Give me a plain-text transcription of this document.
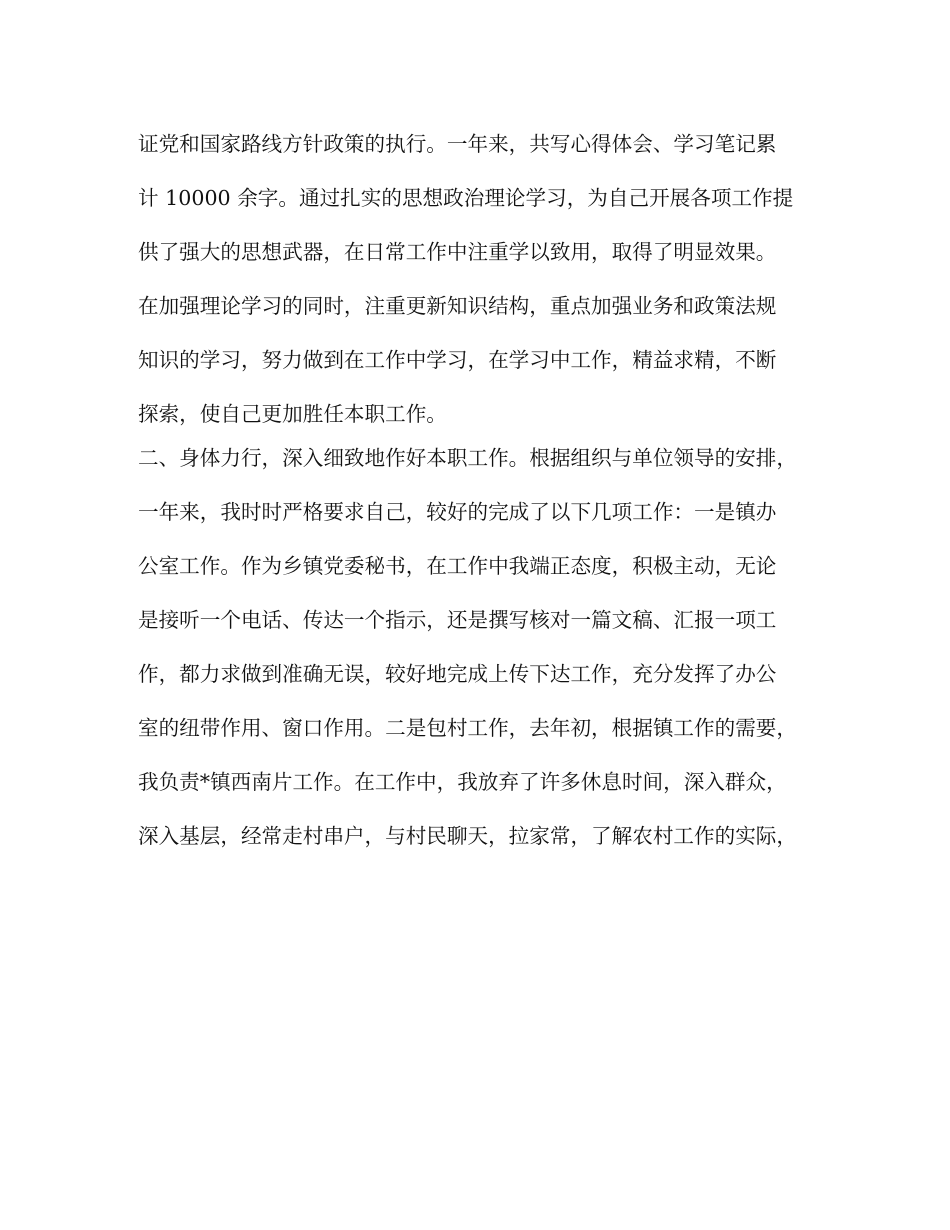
证党和国家路线方针政策的执行。一年来，共写心得体会、学习笔记累
计 10000 余字。通过扎实的思想政治理论学习，为自己开展各项工作提
供了强大的思想武器，在日常工作中注重学以致用，取得了明显效果。
在加强理论学习的同时，注重更新知识结构，重点加强业务和政策法规
知识的学习，努力做到在工作中学习，在学习中工作，精益求精，不断
探索，使自己更加胜任本职工作。
二、身体力行，深入细致地作好本职工作。根据组织与单位领导的安排，
一年来，我时时严格要求自己，较好的完成了以下几项工作：一是镇办
公室工作。作为乡镇党委秘书，在工作中我端正态度，积极主动，无论
是接听一个电话、传达一个指示，还是撰写核对一篇文稿、汇报一项工
作，都力求做到准确无误，较好地完成上传下达工作，充分发挥了办公
室的纽带作用、窗口作用。二是包村工作，去年初，根据镇工作的需要，
我负责*镇西南片工作。在工作中，我放弃了许多休息时间，深入群众，
深入基层，经常走村串户，与村民聊天，拉家常，了解农村工作的实际，
